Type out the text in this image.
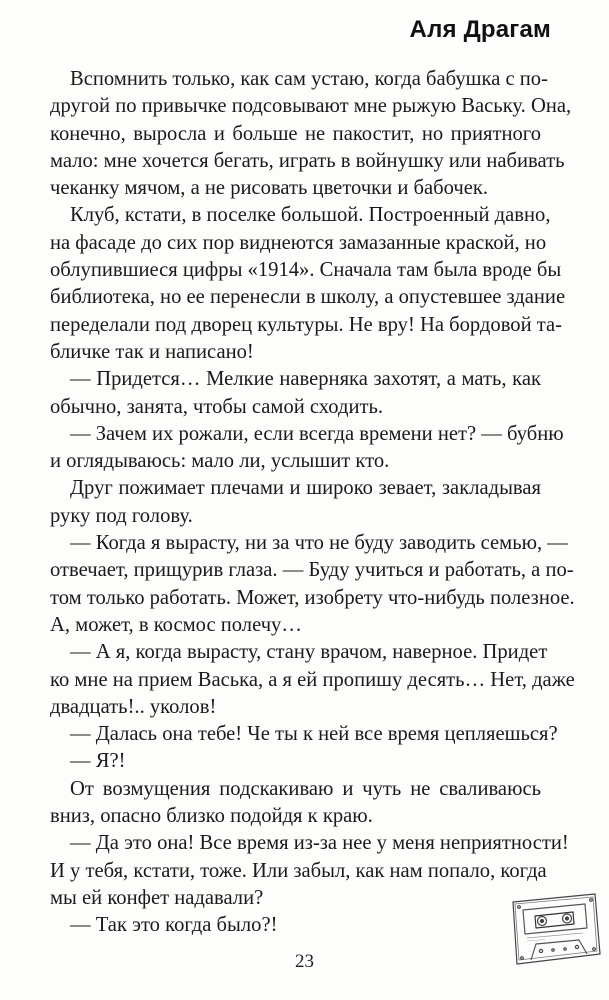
Аля Драгам

Вспомнить только, как сам устаю, когда бабушка с по-
другой по привычке подсовывают мне рыжую Ваську. Она,
конечно, выросла и больше не пакостит, но приятного
мало: мне хочется бегать, играть в войнушку или набивать
чеканку мячом, а не рисовать цветочки и бабочек.
Клуб, кстати, в поселке большой. Построенный давно,
на фасаде до сих пор виднеются замазанные краской, но
облупившиеся цифры «1914». Сначала там была вроде бы
библиотека, но ее перенесли в школу, а опустевшее здание
переделали под дворец культуры. Не вру! На бордовой та-
бличке так и написано!
— Придется… Мелкие наверняка захотят, а мать, как
обычно, занята, чтобы самой сходить.
— Зачем их рожали, если всегда времени нет? — бубню
и оглядываюсь: мало ли, услышит кто.
Друг пожимает плечами и широко зевает, закладывая
руку под голову.
— Когда я вырасту, ни за что не буду заводить семью, —
отвечает, прищурив глаза. — Буду учиться и работать, а по-
том только работать. Может, изобрету что-нибудь полезное.
А, может, в космос полечу…
— А я, когда вырасту, стану врачом, наверное. Придет
ко мне на прием Васька, а я ей пропишу десять… Нет, даже
двадцать!.. уколов!
— Далась она тебе! Че ты к ней все время цепляешься?
— Я?!
От возмущения подскакиваю и чуть не сваливаюсь
вниз, опасно близко подойдя к краю.
— Да это она! Все время из-за нее у меня неприятности!
И у тебя, кстати, тоже. Или забыл, как нам попало, когда
мы ей конфет надавали?
— Так это когда было?!

23
